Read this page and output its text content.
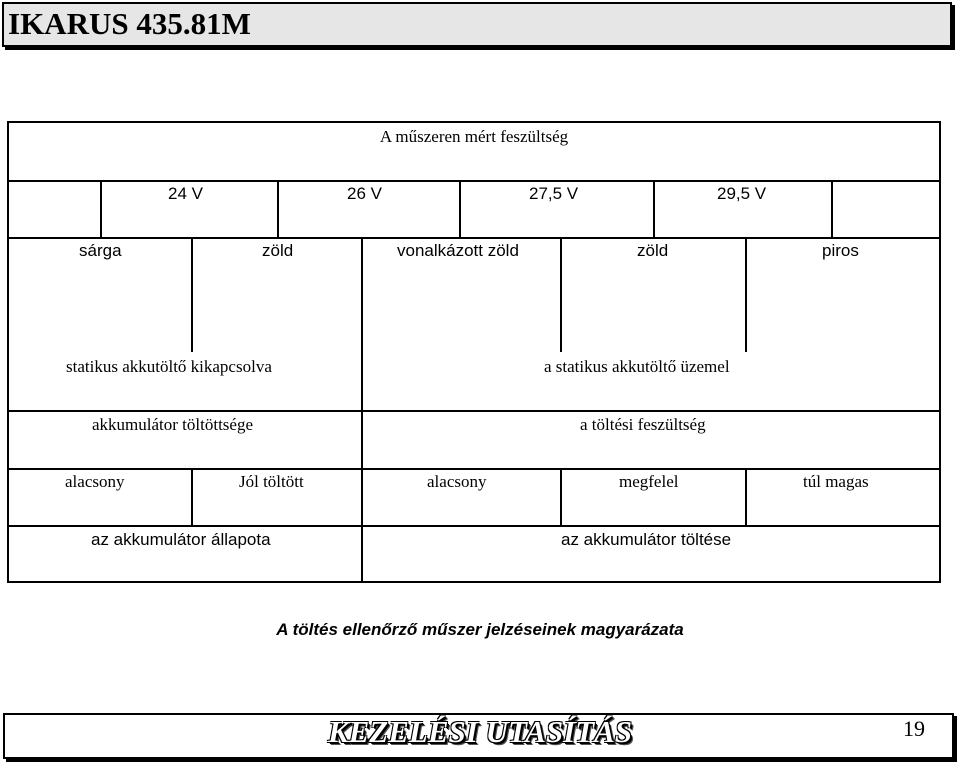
IKARUS 435.81M
A műszeren mért feszültség
24 V	26 V	27,5 V	29,5 V
sárga	zöld	vonalkázott zöld	zöld	piros
statikus akkutöltő kikapcsolva	a statikus akkutöltő üzemel
akkumulátor töltöttsége	a töltési feszültség
alacsony	Jól töltött	alacsony	megfelel	túl magas
az akkumulátor állapota	az akkumulátor töltése
A töltés ellenőrző műszer jelzéseinek magyarázata
KEZELÉSI UTASÍTÁS	19
